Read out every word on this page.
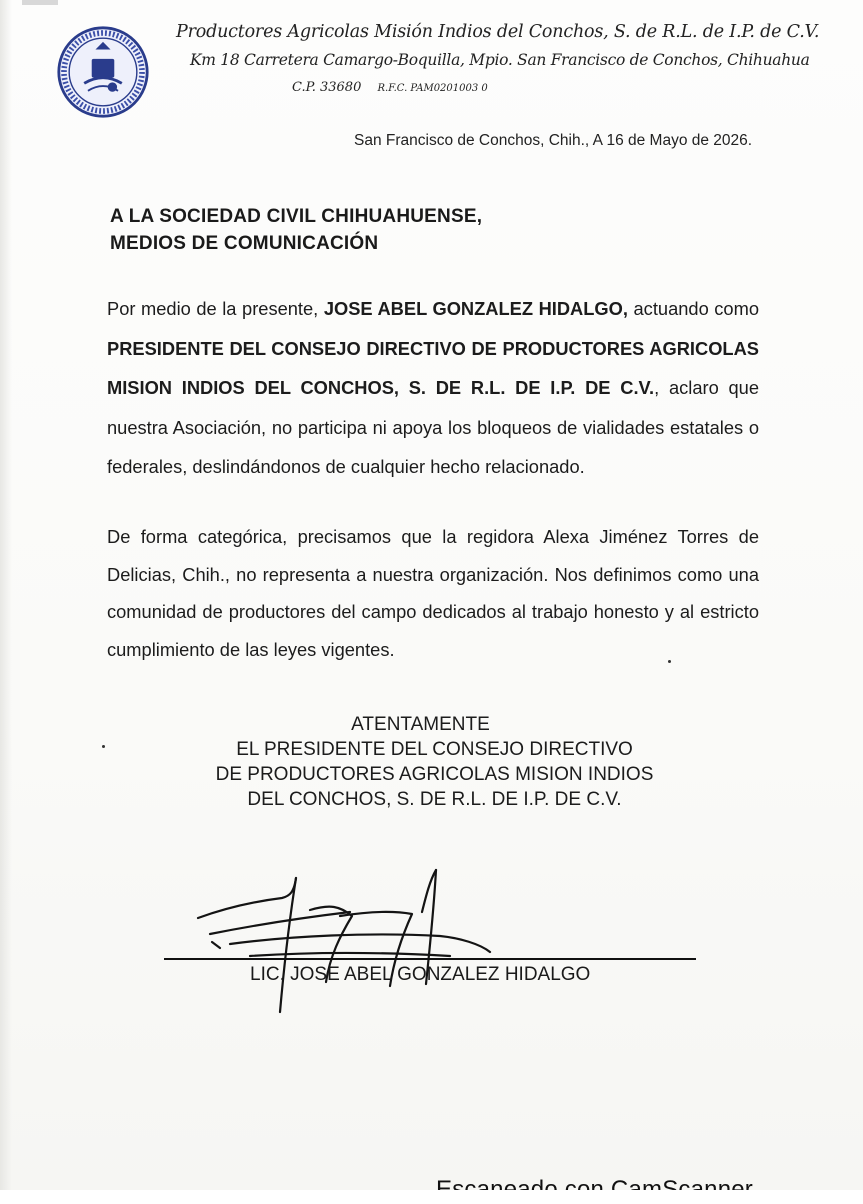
Productores Agricolas Misión Indios del Conchos, S. de R.L. de I.P. de C.V.
Km 18 Carretera Camargo-Boquilla, Mpio. San Francisco de Conchos, Chihuahua
C.P. 33680 R.F.C. PAM0201003 0
San Francisco de Conchos, Chih., A 16 de Mayo de 2026.
A LA SOCIEDAD CIVIL CHIHUAHUENSE,
MEDIOS DE COMUNICACIÓN
Por medio de la presente, JOSE ABEL GONZALEZ HIDALGO, actuando como PRESIDENTE DEL CONSEJO DIRECTIVO DE PRODUCTORES AGRICOLAS MISION INDIOS DEL CONCHOS, S. DE R.L. DE I.P. DE C.V., aclaro que nuestra Asociación, no participa ni apoya los bloqueos de vialidades estatales o federales, deslindándonos de cualquier hecho relacionado.
De forma categórica, precisamos que la regidora Alexa Jiménez Torres de Delicias, Chih., no representa a nuestra organización. Nos definimos como una comunidad de productores del campo dedicados al trabajo honesto y al estricto cumplimiento de las leyes vigentes.
ATENTAMENTE
EL PRESIDENTE DEL CONSEJO DIRECTIVO
DE PRODUCTORES AGRICOLAS MISION INDIOS
DEL CONCHOS, S. DE R.L. DE I.P. DE C.V.
LIC. JOSE ABEL GONZALEZ HIDALGO
